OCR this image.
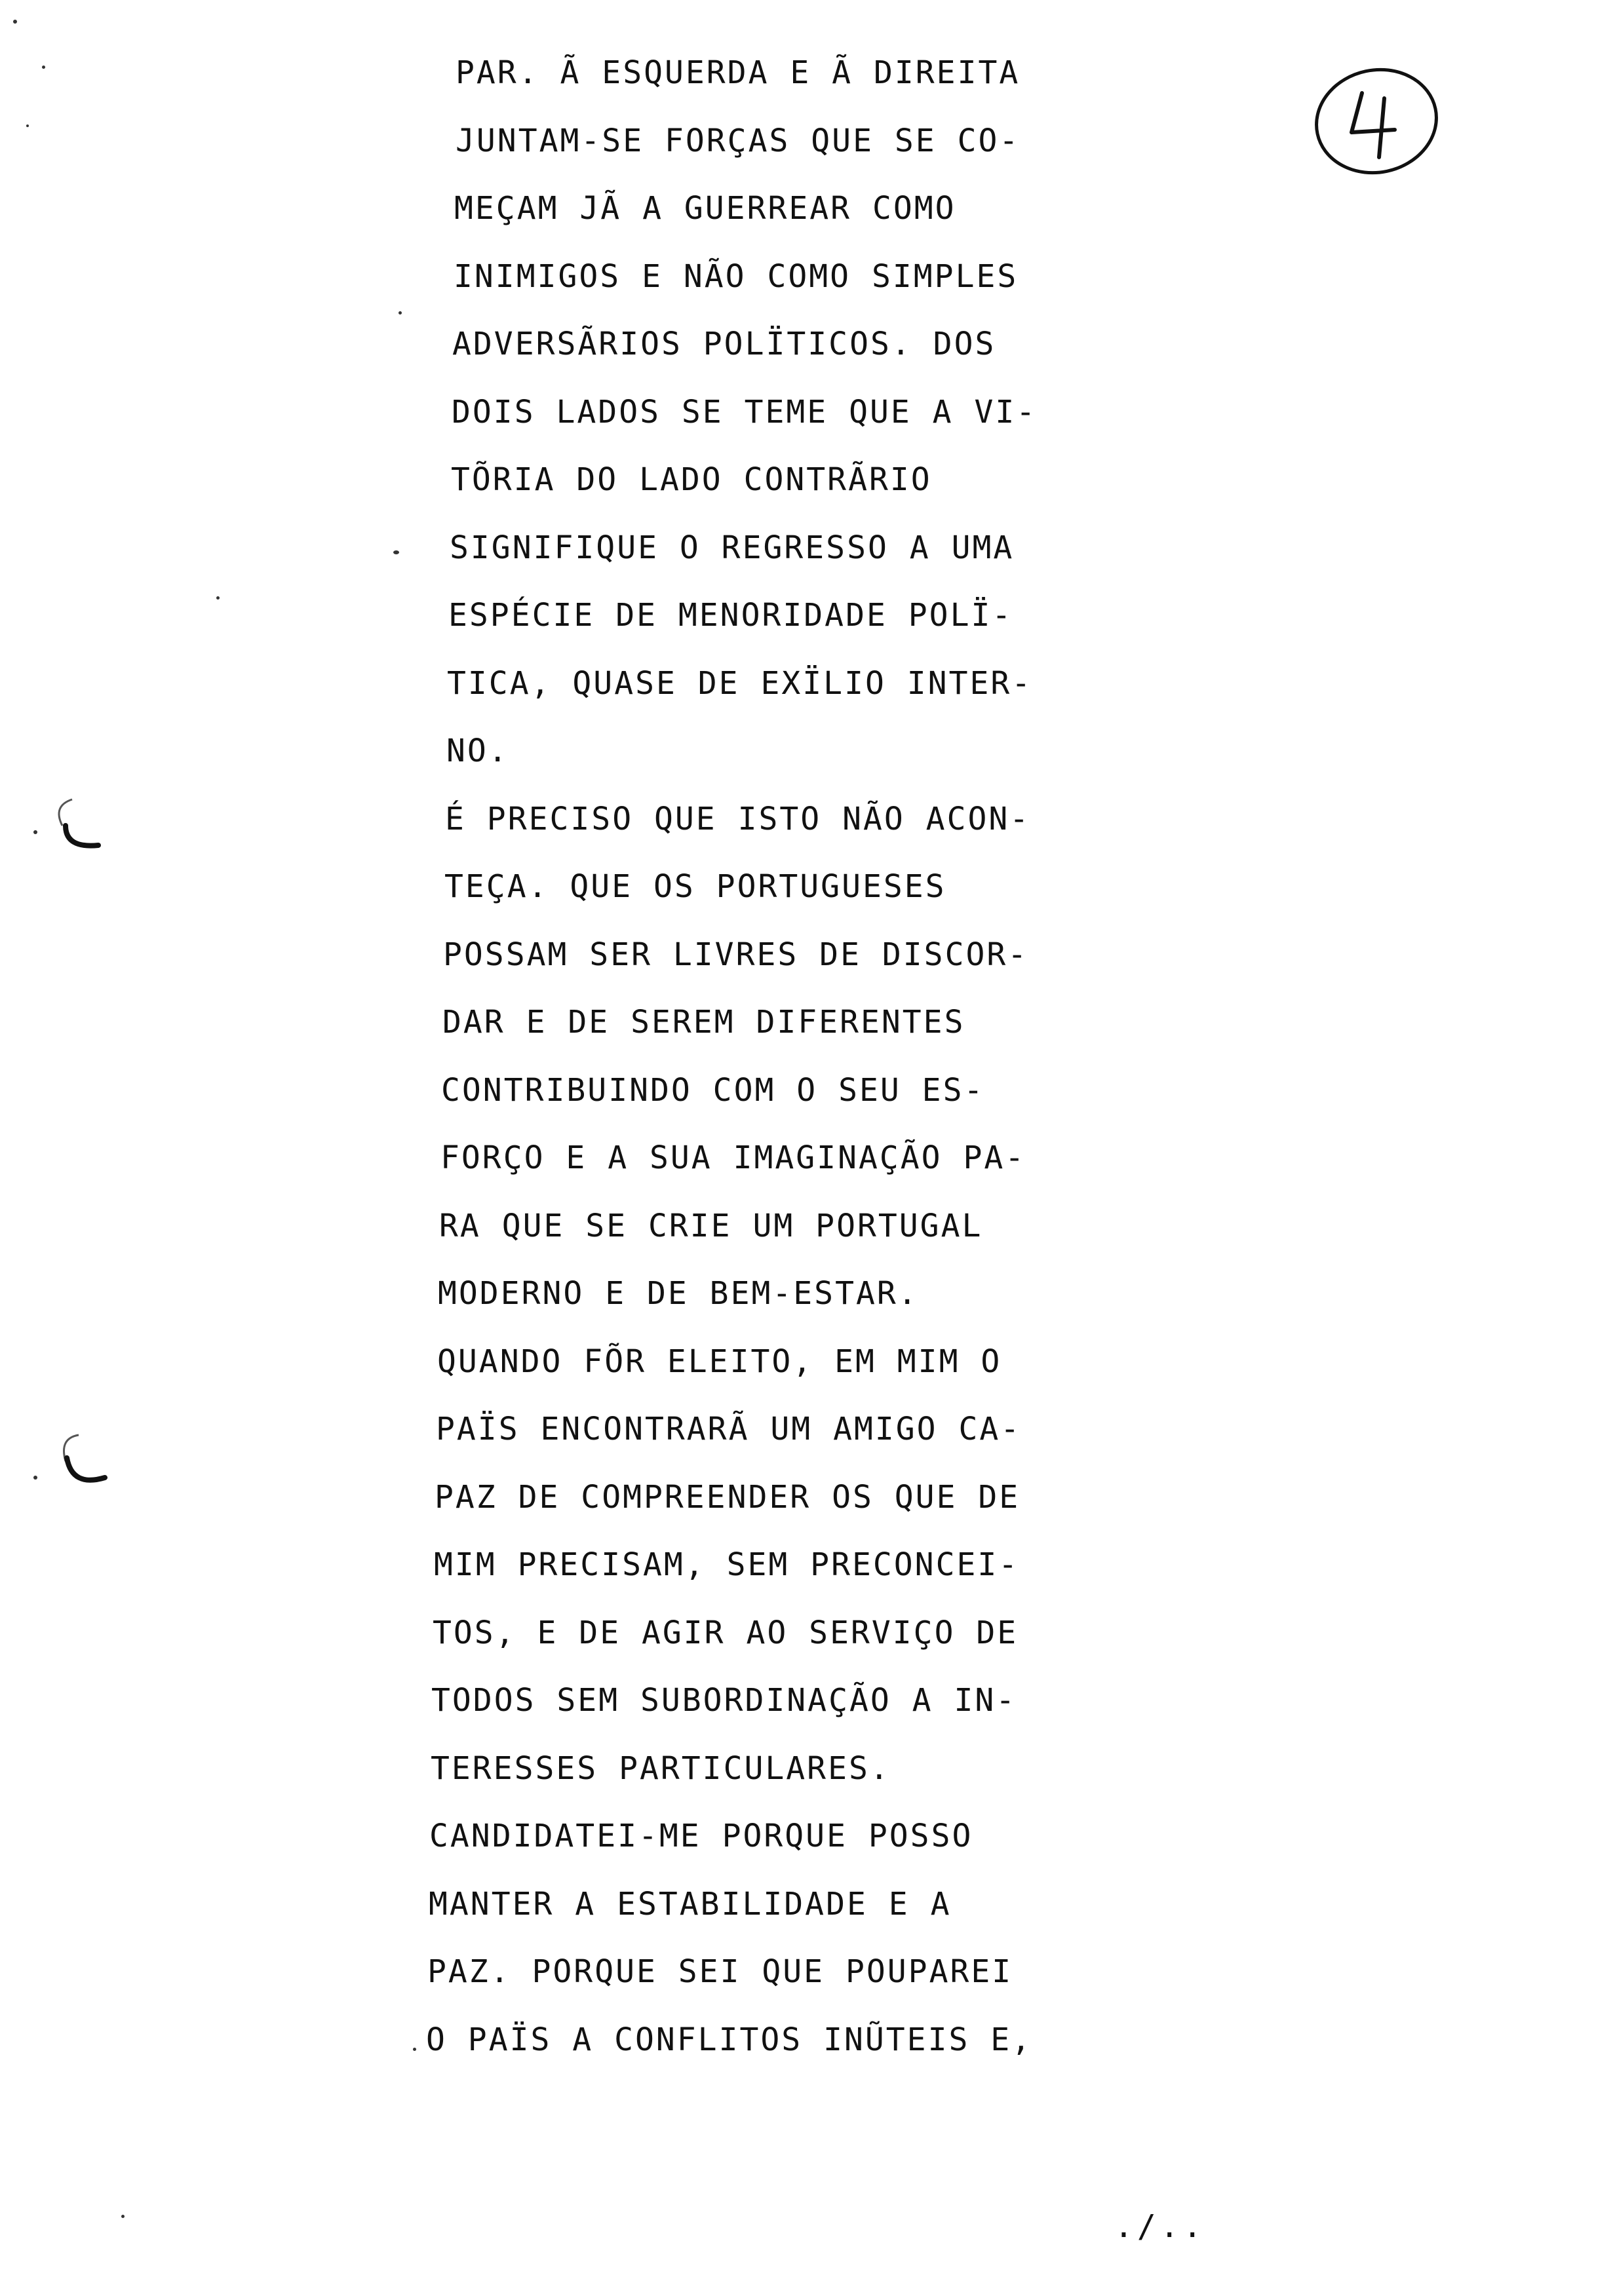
4
PAR. Ã ESQUERDA E Ã DIREITA
JUNTAM-SE FORÇAS QUE SE CO-
MEÇAM JÃ A GUERREAR COMO
INIMIGOS E NÃO COMO SIMPLES
ADVERSÃRIOS POLÏTICOS. DOS
DOIS LADOS SE TEME QUE A VI-
TÕRIA DO LADO CONTRÃRIO
SIGNIFIQUE O REGRESSO A UMA
ESPÉCIE DE MENORIDADE POLÏ-
TICA, QUASE DE EXÏLIO INTER-
NO.
É PRECISO QUE ISTO NÃO ACON-
TEÇA. QUE OS PORTUGUESES
POSSAM SER LIVRES DE DISCOR-
DAR E DE SEREM DIFERENTES
CONTRIBUINDO COM O SEU ES-
FORÇO E A SUA IMAGINAÇÃO PA-
RA QUE SE CRIE UM PORTUGAL
MODERNO E DE BEM-ESTAR.
QUANDO FÕR ELEITO, EM MIM O
PAÏS ENCONTRARÃ UM AMIGO CA-
PAZ DE COMPREENDER OS QUE DE
MIM PRECISAM, SEM PRECONCEI-
TOS, E DE AGIR AO SERVIÇO DE
TODOS SEM SUBORDINAÇÃO A IN-
TERESSES PARTICULARES.
CANDIDATEI-ME PORQUE POSSO
MANTER A ESTABILIDADE E A
PAZ. PORQUE SEI QUE POUPAREI
O PAÏS A CONFLITOS INŨTEIS E,
./..
